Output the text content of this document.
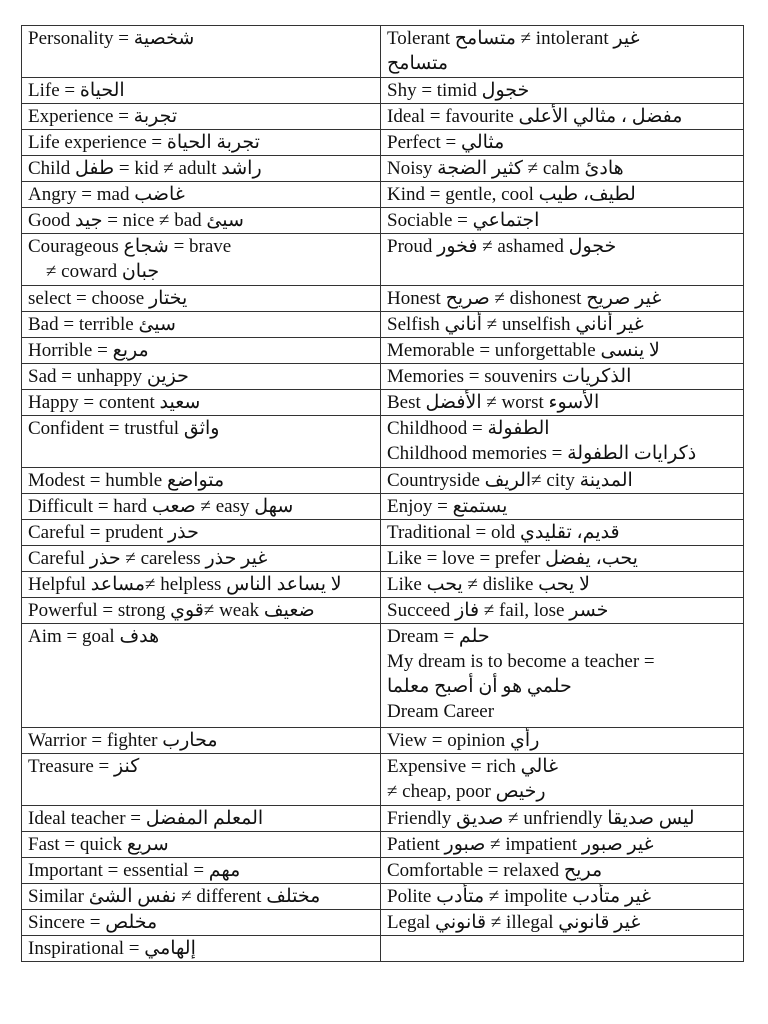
Personality = شخصية	Tolerant متسامح ≠ intolerant غير
متسامح

Life = الحياة	Shy = timid خجول

Experience = تجربة	Ideal = favourite مفضل ، مثالي الأعلى

Life experience = تجربة الحياة	Perfect = مثالي

Child طفل = kid ≠ adult راشد	Noisy كثير الضجة ≠ calm هادئ

Angry = mad غاضب	Kind = gentle, cool لطيف، طيب

Good جيد = nice ≠ bad سيئ	Sociable = اجتماعي

Courageous شجاع = brave
≠ coward جبان	Proud فخور ≠ ashamed خجول

select = choose يختار	Honest صريح ≠ dishonest غير صريح

Bad = terrible سيئ	Selfish أناني ≠ unselfish غير أناني

Horrible = مريع	Memorable = unforgettable لا ينسى

Sad = unhappy حزين	Memories = souvenirs الذكريات

Happy = content سعيد	Best الأفضل ≠ worst الأسوء

Confident = trustful واثق	Childhood = الطفولة
Childhood memories = ذكرايات الطفولة

Modest = humble متواضع	Countryside الريف≠ city المدينة

Difficult = hard صعب ≠ easy سهل	Enjoy = يستمتع

Careful = prudent حذر	Traditional = old قديم، تقليدي

Careful حذر ≠ careless غير حذر	Like = love = prefer يحب، يفضل

Helpful مساعد≠ helpless لا يساعد الناس	Like يحب ≠ dislike لا يحب

Powerful = strong قوي≠ weak ضعيف	Succeed فاز ≠ fail, lose خسر

Aim = goal هدف	Dream = حلم
My dream is to become a teacher =
حلمي هو أن أصبح معلما
Dream Career

Warrior = fighter محارب	View = opinion رأي

Treasure = كنز	Expensive = rich غالي
≠ cheap, poor رخيص

Ideal teacher = المعلم المفضل	Friendly صديق ≠ unfriendly ليس صديقا

Fast = quick سريع	Patient صبور ≠ impatient غير صبور

Important = essential = مهم	Comfortable = relaxed مريح

Similar نفس الشئ ≠ different مختلف	Polite متأدب ≠ impolite غير متأدب

Sincere = مخلص	Legal قانوني ≠ illegal غير قانوني

Inspirational = إلهامي	
